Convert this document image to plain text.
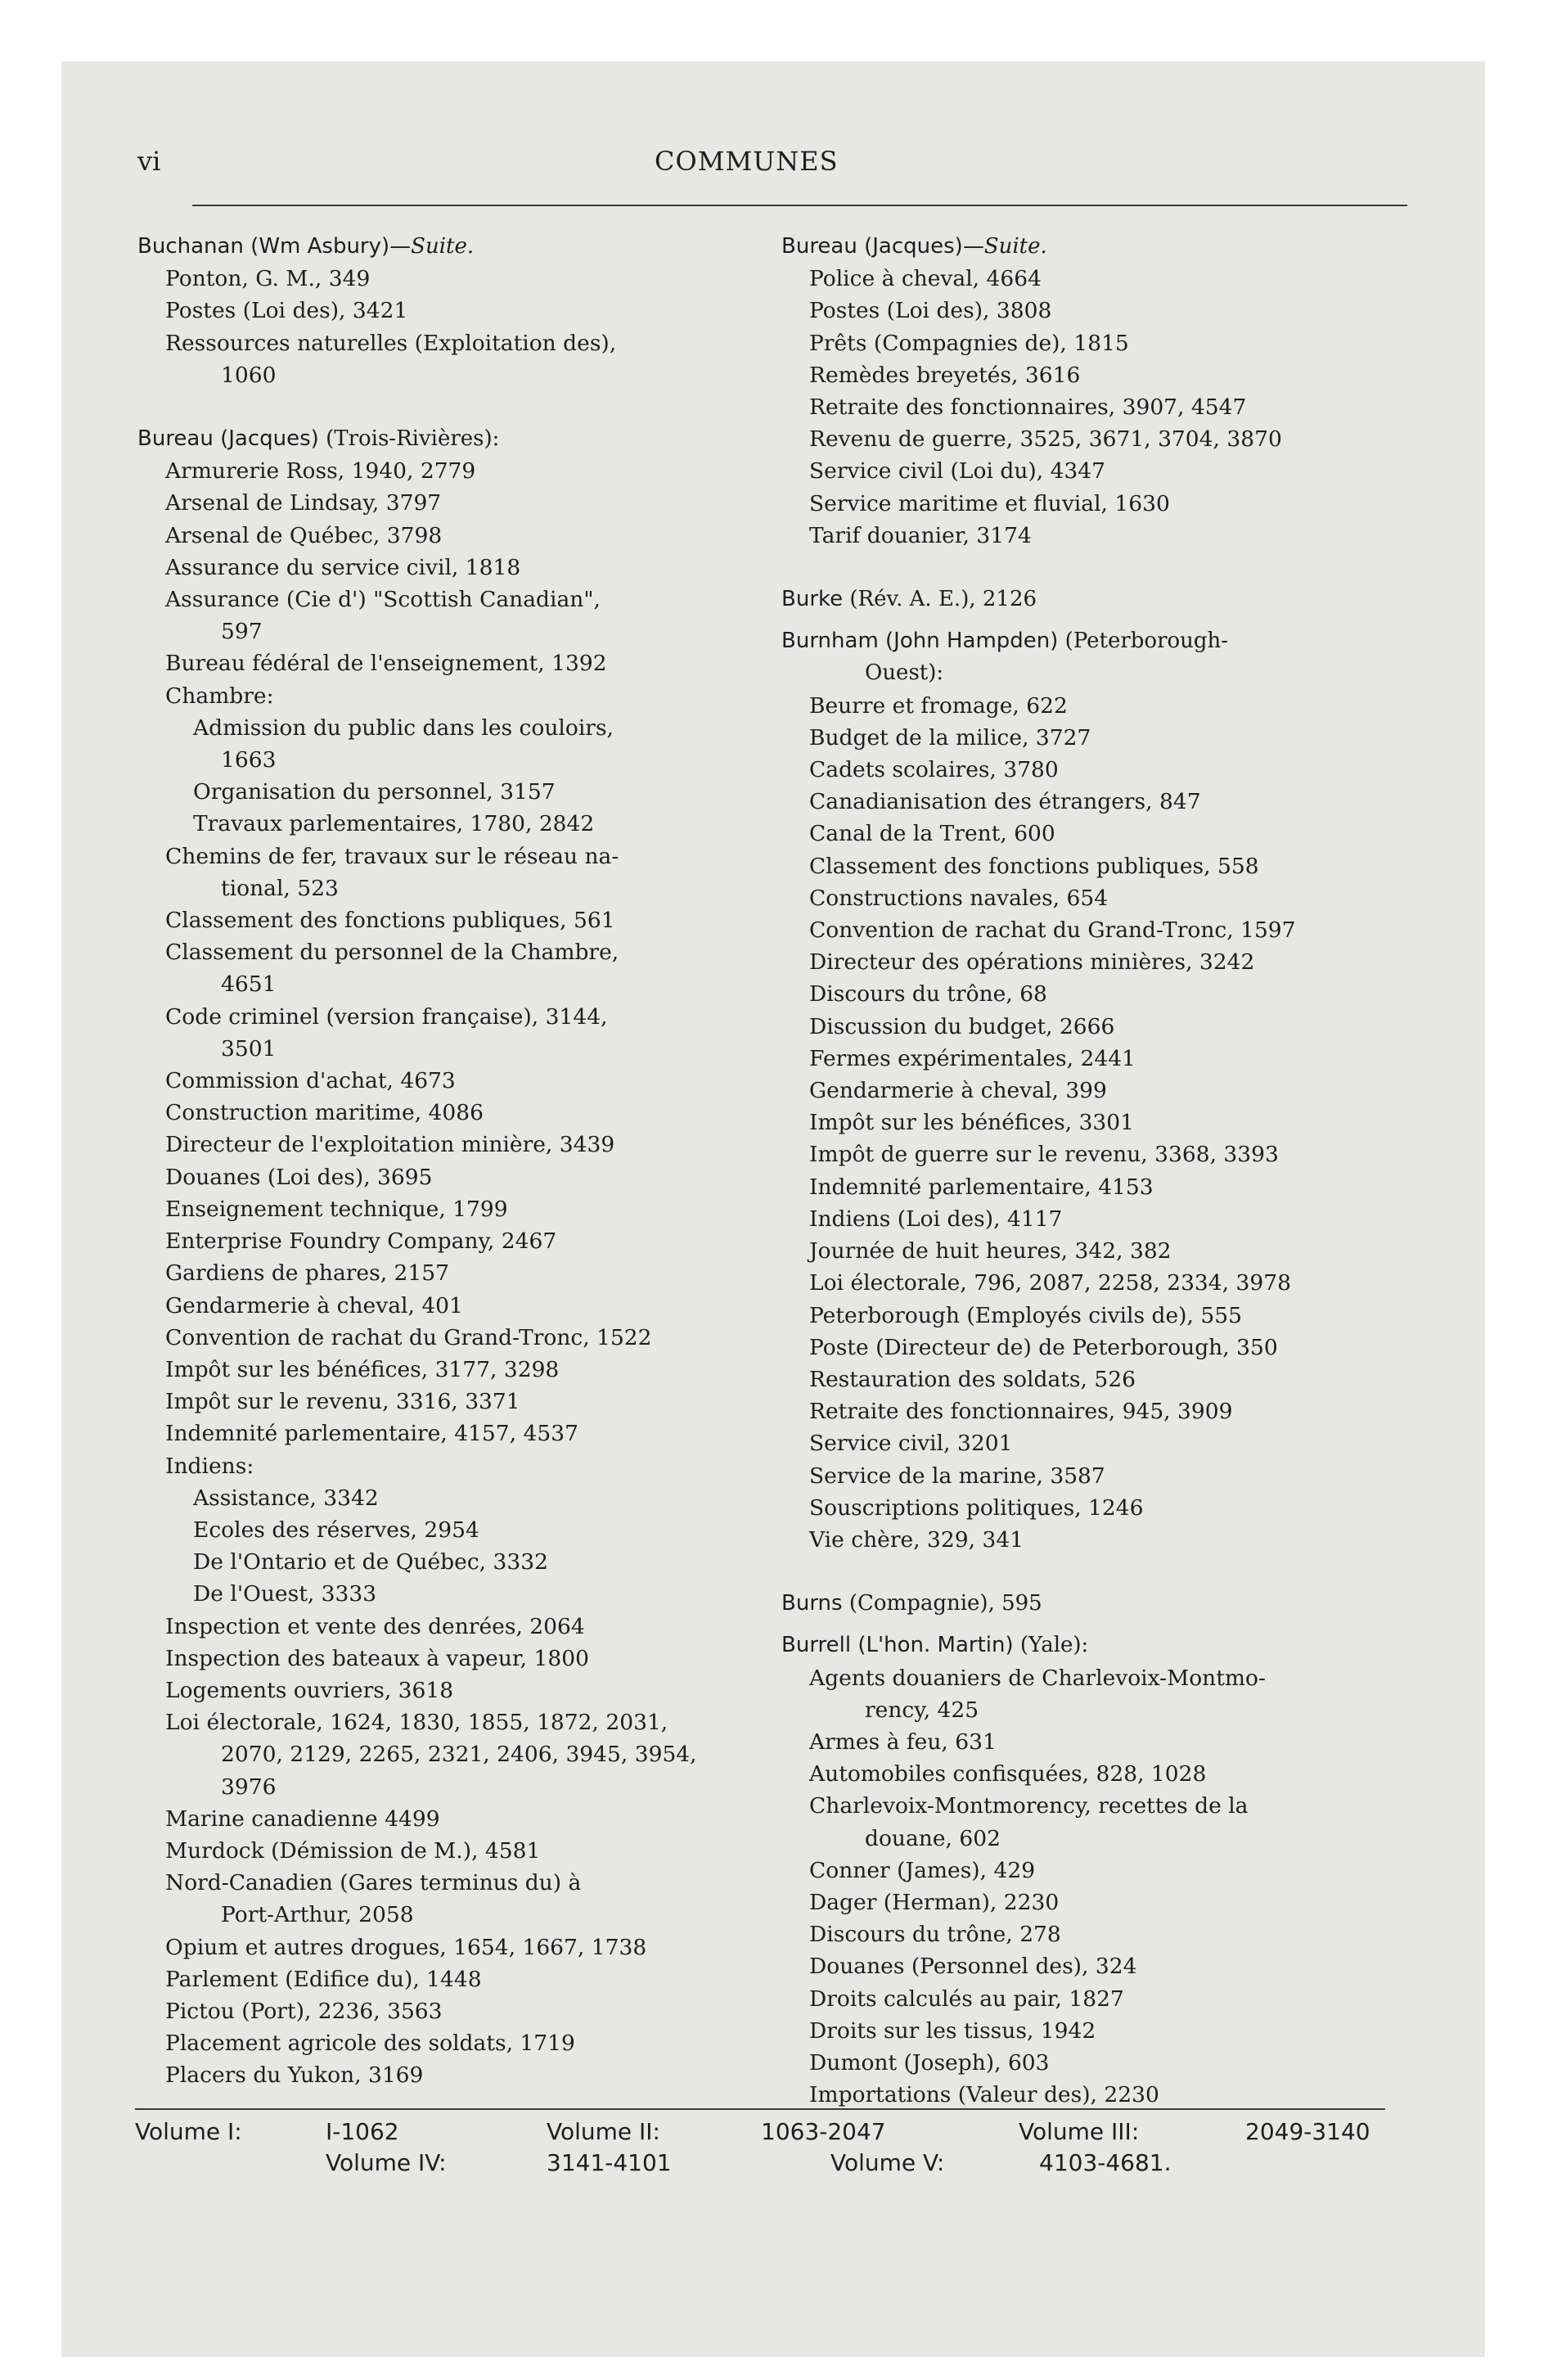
vi	COMMUNES
Buchanan (Wm Asbury)—Suite.
Ponton, G. M., 349
Postes (Loi des), 3421
Ressources naturelles (Exploitation des),
1060
Bureau (Jacques) (Trois-Rivières):
Armurerie Ross, 1940, 2779
Arsenal de Lindsay, 3797
Arsenal de Québec, 3798
Assurance du service civil, 1818
Assurance (Cie d') "Scottish Canadian",
597
Bureau fédéral de l'enseignement, 1392
Chambre:
Admission du public dans les couloirs,
1663
Organisation du personnel, 3157
Travaux parlementaires, 1780, 2842
Chemins de fer, travaux sur le réseau na-
tional, 523
Classement des fonctions publiques, 561
Classement du personnel de la Chambre,
4651
Code criminel (version française), 3144,
3501
Commission d'achat, 4673
Construction maritime, 4086
Directeur de l'exploitation minière, 3439
Douanes (Loi des), 3695
Enseignement technique, 1799
Enterprise Foundry Company, 2467
Gardiens de phares, 2157
Gendarmerie à cheval, 401
Convention de rachat du Grand-Tronc, 1522
Impôt sur les bénéfices, 3177, 3298
Impôt sur le revenu, 3316, 3371
Indemnité parlementaire, 4157, 4537
Indiens:
Assistance, 3342
Ecoles des réserves, 2954
De l'Ontario et de Québec, 3332
De l'Ouest, 3333
Inspection et vente des denrées, 2064
Inspection des bateaux à vapeur, 1800
Logements ouvriers, 3618
Loi électorale, 1624, 1830, 1855, 1872, 2031,
2070, 2129, 2265, 2321, 2406, 3945, 3954,
3976
Marine canadienne 4499
Murdock (Démission de M.), 4581
Nord-Canadien (Gares terminus du) à
Port-Arthur, 2058
Opium et autres drogues, 1654, 1667, 1738
Parlement (Edifice du), 1448
Pictou (Port), 2236, 3563
Placement agricole des soldats, 1719
Placers du Yukon, 3169
Bureau (Jacques)—Suite.
Police à cheval, 4664
Postes (Loi des), 3808
Prêts (Compagnies de), 1815
Remèdes breyetés, 3616
Retraite des fonctionnaires, 3907, 4547
Revenu de guerre, 3525, 3671, 3704, 3870
Service civil (Loi du), 4347
Service maritime et fluvial, 1630
Tarif douanier, 3174
Burke (Rév. A. E.), 2126
Burnham (John Hampden) (Peterborough-
Ouest):
Beurre et fromage, 622
Budget de la milice, 3727
Cadets scolaires, 3780
Canadianisation des étrangers, 847
Canal de la Trent, 600
Classement des fonctions publiques, 558
Constructions navales, 654
Convention de rachat du Grand-Tronc, 1597
Directeur des opérations minières, 3242
Discours du trône, 68
Discussion du budget, 2666
Fermes expérimentales, 2441
Gendarmerie à cheval, 399
Impôt sur les bénéfices, 3301
Impôt de guerre sur le revenu, 3368, 3393
Indemnité parlementaire, 4153
Indiens (Loi des), 4117
Journée de huit heures, 342, 382
Loi électorale, 796, 2087, 2258, 2334, 3978
Peterborough (Employés civils de), 555
Poste (Directeur de) de Peterborough, 350
Restauration des soldats, 526
Retraite des fonctionnaires, 945, 3909
Service civil, 3201
Service de la marine, 3587
Souscriptions politiques, 1246
Vie chère, 329, 341
Burns (Compagnie), 595
Burrell (L'hon. Martin) (Yale):
Agents douaniers de Charlevoix-Montmo-
rency, 425
Armes à feu, 631
Automobiles confisquées, 828, 1028
Charlevoix-Montmorency, recettes de la
douane, 602
Conner (James), 429
Dager (Herman), 2230
Discours du trône, 278
Douanes (Personnel des), 324
Droits calculés au pair, 1827
Droits sur les tissus, 1942
Dumont (Joseph), 603
Importations (Valeur des), 2230
Volume I:	I-1062	Volume II:	1063-2047	Volume III:	2049-3140
Volume IV:	3141-4101	Volume V:	4103-4681.
